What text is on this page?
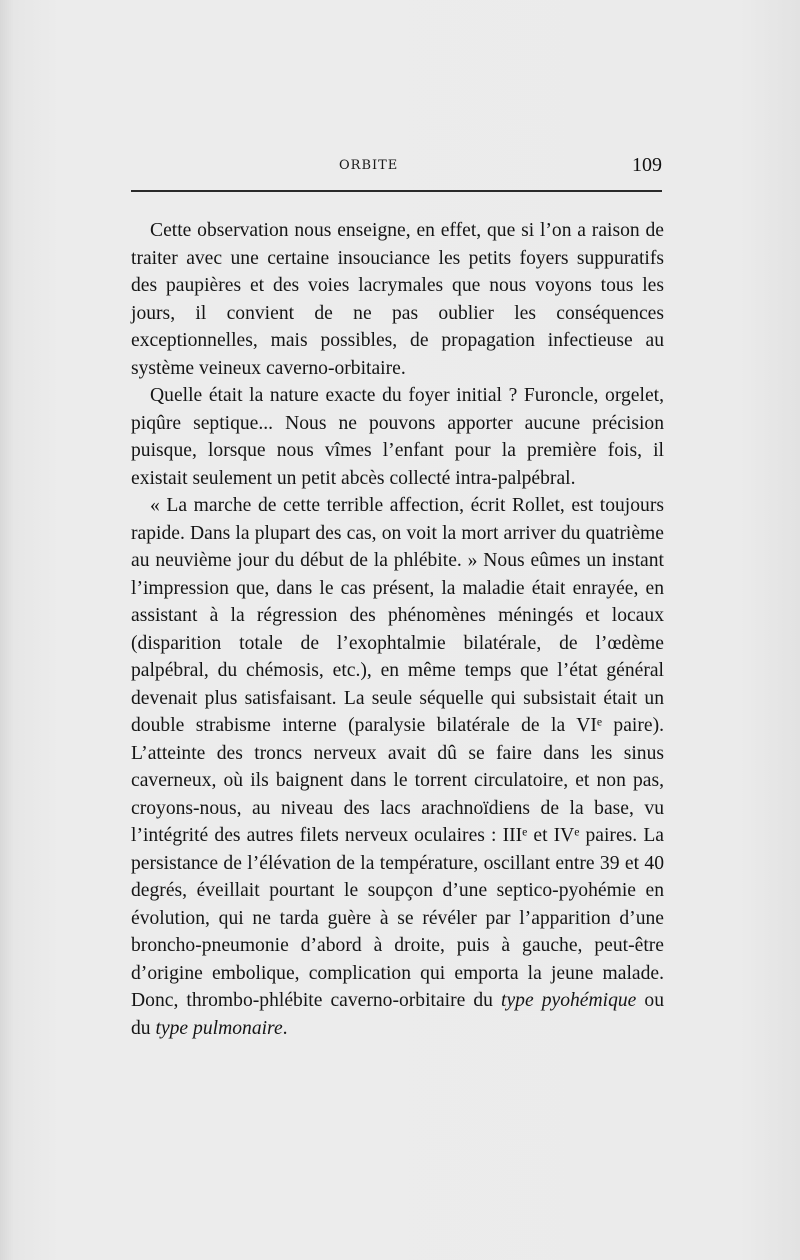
ORBITE	109

Cette observation nous enseigne, en effet, que si l’on a raison de traiter avec une certaine insouciance les petits foyers suppuratifs des paupières et des voies lacrymales que nous voyons tous les jours, il convient de ne pas oublier les conséquences exceptionnelles, mais possibles, de propagation infectieuse au système veineux caverno-orbitaire.

Quelle était la nature exacte du foyer initial ? Furoncle, orgelet, piqûre septique... Nous ne pouvons apporter aucune précision puisque, lorsque nous vîmes l’enfant pour la première fois, il existait seulement un petit abcès collecté intra-palpébral.

« La marche de cette terrible affection, écrit Rollet, est toujours rapide. Dans la plupart des cas, on voit la mort arriver du quatrième au neuvième jour du début de la phlébite. » Nous eûmes un instant l’impression que, dans le cas présent, la maladie était enrayée, en assistant à la régression des phénomènes méningés et locaux (disparition totale de l’exophtalmie bilatérale, de l’œdème palpébral, du chémosis, etc.), en même temps que l’état général devenait plus satisfaisant. La seule séquelle qui subsistait était un double strabisme interne (paralysie bilatérale de la VIᵉ paire). L’atteinte des troncs nerveux avait dû se faire dans les sinus caverneux, où ils baignent dans le torrent circulatoire, et non pas, croyons-nous, au niveau des lacs arachnoïdiens de la base, vu l’intégrité des autres filets nerveux oculaires : IIIᵉ et IVᵉ paires. La persistance de l’élévation de la température, oscillant entre 39 et 40 degrés, éveillait pourtant le soupçon d’une septico-pyohémie en évolution, qui ne tarda guère à se révéler par l’apparition d’une broncho-pneumonie d’abord à droite, puis à gauche, peut-être d’origine embolique, complication qui emporta la jeune malade. Donc, thrombo-phlébite caverno-orbitaire du type pyohémique ou du type pulmonaire.
